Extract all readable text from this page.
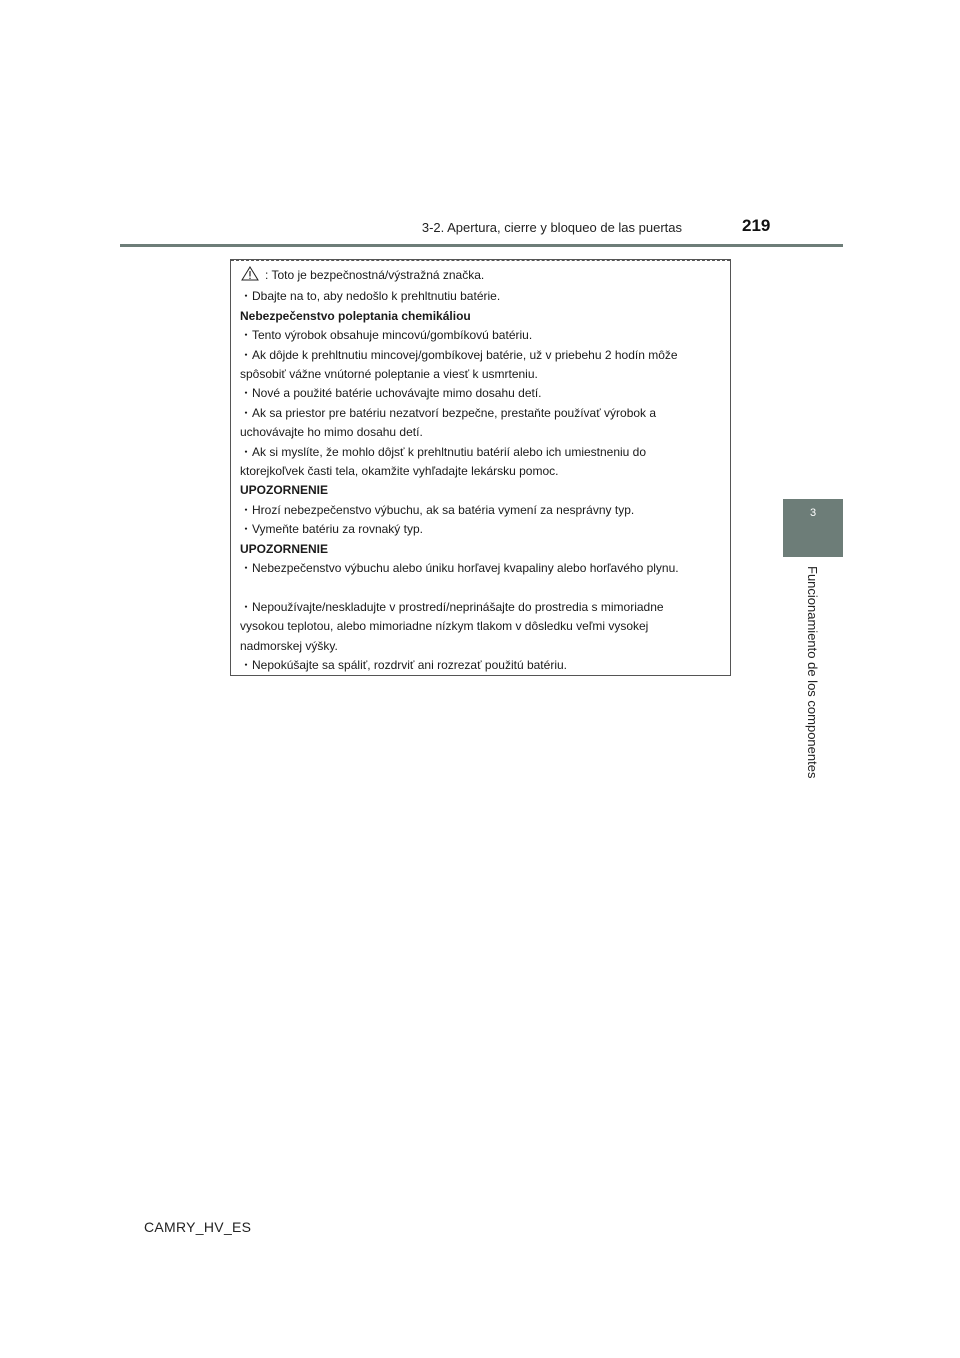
3-2. Apertura, cierre y bloqueo de las puertas	219
3
Funcionamiento de los componentes
: Toto je bezpečnostná/výstražná značka.
・Dbajte na to, aby nedošlo k prehltnutiu batérie.
Nebezpečenstvo poleptania chemikáliou
・Tento výrobok obsahuje mincovú/gombíkovú batériu.
・Ak dôjde k prehltnutiu mincovej/gombíkovej batérie, už v priebehu 2 hodín môže
spôsobiť vážne vnútorné poleptanie a viesť k usmrteniu.
・Nové a použité batérie uchovávajte mimo dosahu detí.
・Ak sa priestor pre batériu nezatvorí bezpečne, prestaňte používať výrobok a
uchovávajte ho mimo dosahu detí.
・Ak si myslíte, že mohlo dôjsť k prehltnutiu batérií alebo ich umiestneniu do
ktorejkoľvek časti tela, okamžite vyhľadajte lekársku pomoc.
UPOZORNENIE
・Hrozí nebezpečenstvo výbuchu, ak sa batéria vymení za nesprávny typ.
・Vymeňte batériu za rovnaký typ.
UPOZORNENIE
・Nebezpečenstvo výbuchu alebo úniku horľavej kvapaliny alebo horľavého plynu.
・Nepoužívajte/neskladujte v prostredí/neprinášajte do prostredia s mimoriadne
vysokou teplotou, alebo mimoriadne nízkym tlakom v dôsledku veľmi vysokej
nadmorskej výšky.
・Nepokúšajte sa spáliť, rozdrviť ani rozrezať použitú batériu.
CAMRY_HV_ES
